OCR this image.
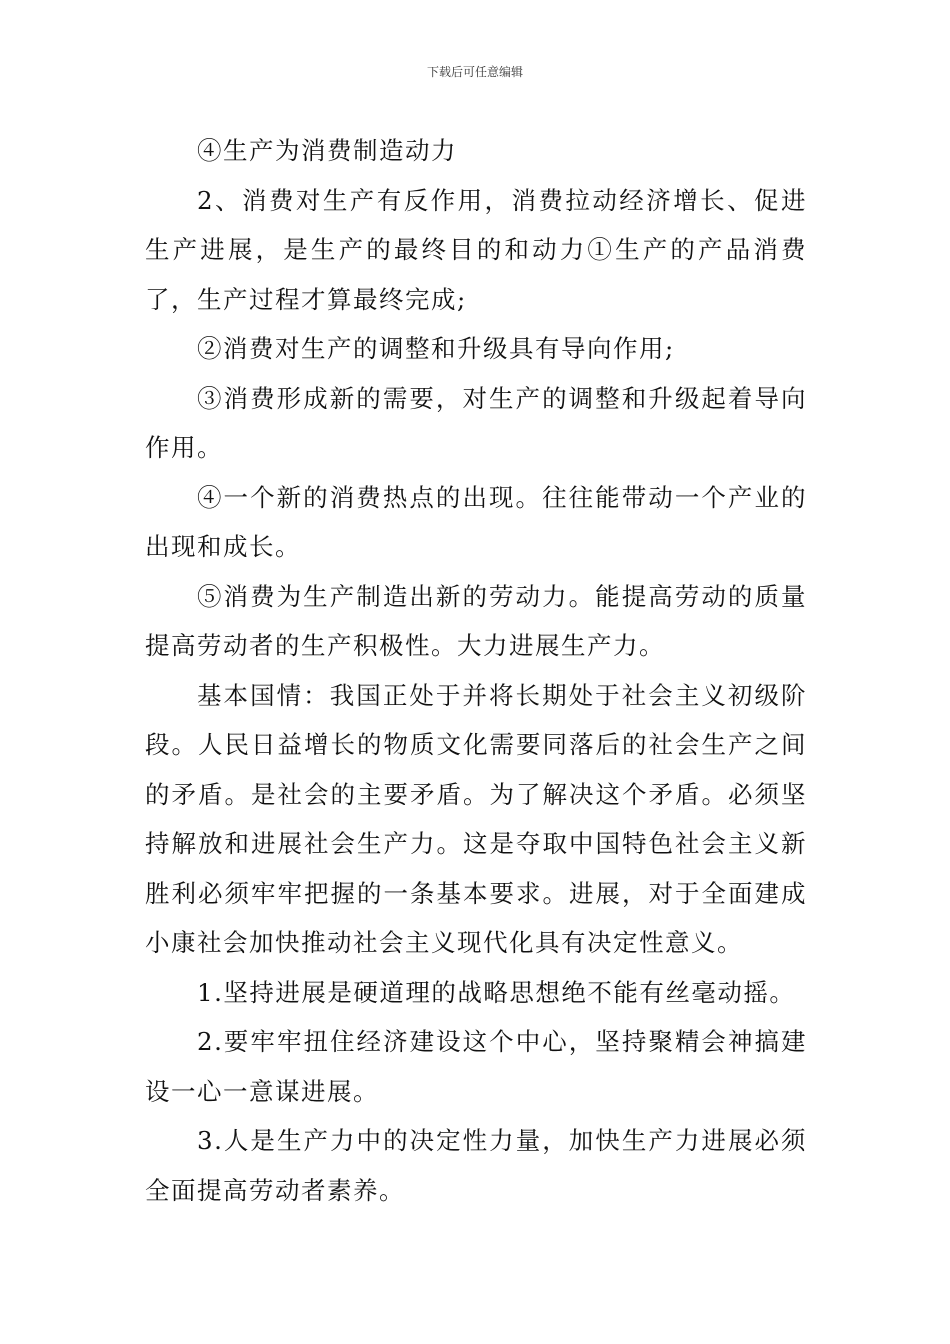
下载后可任意编辑

④生产为消费制造动力

2、消费对生产有反作用，消费拉动经济增长、促进生产进展，是生产的最终目的和动力①生产的产品消费了，生产过程才算最终完成;

②消费对生产的调整和升级具有导向作用;

③消费形成新的需要，对生产的调整和升级起着导向作用。

④一个新的消费热点的出现。往往能带动一个产业的出现和成长。

⑤消费为生产制造出新的劳动力。能提高劳动的质量提高劳动者的生产积极性。大力进展生产力。

基本国情：我国正处于并将长期处于社会主义初级阶段。人民日益增长的物质文化需要同落后的社会生产之间的矛盾。是社会的主要矛盾。为了解决这个矛盾。必须坚持解放和进展社会生产力。这是夺取中国特色社会主义新胜利必须牢牢把握的一条基本要求。进展，对于全面建成小康社会加快推动社会主义现代化具有决定性意义。

1.坚持进展是硬道理的战略思想绝不能有丝毫动摇。

2.要牢牢扭住经济建设这个中心，坚持聚精会神搞建设一心一意谋进展。

3.人是生产力中的决定性力量，加快生产力进展必须全面提高劳动者素养。
